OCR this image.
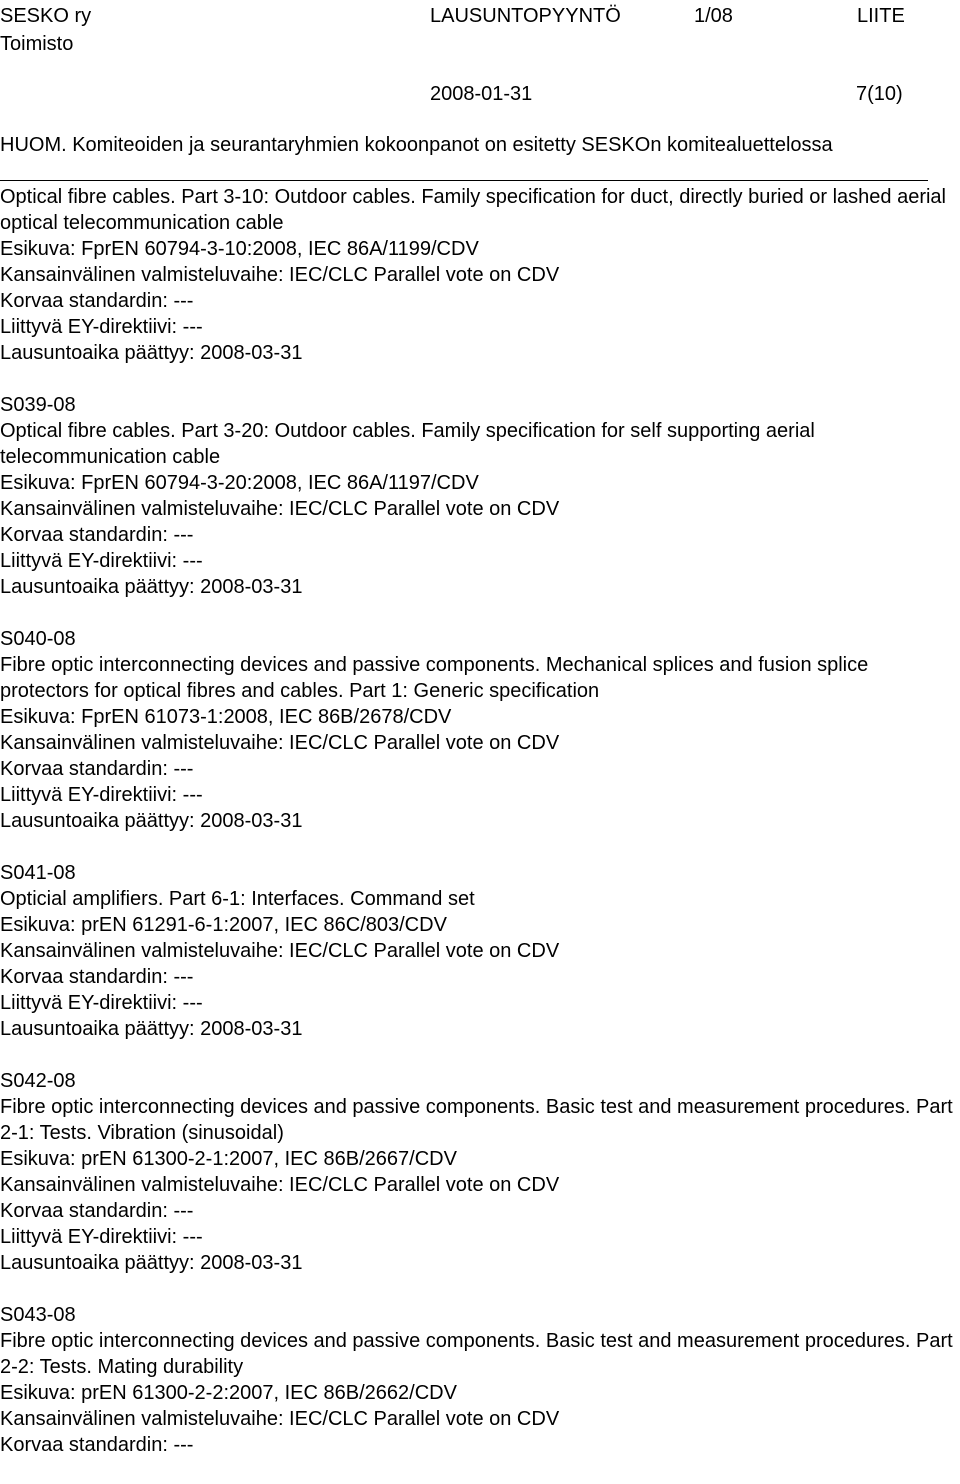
SESKO ry
Toimisto
LAUSUNTOPYYNTÖ	1/08	LIITE
2008-01-31	7(10)
HUOM. Komiteoiden ja seurantaryhmien kokoonpanot on esitetty SESKOn komitealuettelossa
Optical fibre cables. Part 3-10: Outdoor cables. Family specification for duct, directly buried or lashed aerial optical telecommunication cable
Esikuva: FprEN 60794-3-10:2008, IEC 86A/1199/CDV
Kansainvälinen valmisteluvaihe: IEC/CLC Parallel vote on CDV
Korvaa standardin: ---
Liittyvä EY-direktiivi: ---
Lausuntoaika päättyy: 2008-03-31
S039-08
Optical fibre cables. Part 3-20: Outdoor cables. Family specification for self supporting aerial telecommunication cable
Esikuva: FprEN 60794-3-20:2008, IEC 86A/1197/CDV
Kansainvälinen valmisteluvaihe: IEC/CLC Parallel vote on CDV
Korvaa standardin: ---
Liittyvä EY-direktiivi: ---
Lausuntoaika päättyy: 2008-03-31
S040-08
Fibre optic interconnecting devices and passive components. Mechanical splices and fusion splice protectors for optical fibres and cables. Part 1: Generic specification
Esikuva: FprEN 61073-1:2008, IEC 86B/2678/CDV
Kansainvälinen valmisteluvaihe: IEC/CLC Parallel vote on CDV
Korvaa standardin: ---
Liittyvä EY-direktiivi: ---
Lausuntoaika päättyy: 2008-03-31
S041-08
Opticial amplifiers. Part 6-1: Interfaces. Command set
Esikuva: prEN 61291-6-1:2007, IEC 86C/803/CDV
Kansainvälinen valmisteluvaihe: IEC/CLC Parallel vote on CDV
Korvaa standardin: ---
Liittyvä EY-direktiivi: ---
Lausuntoaika päättyy: 2008-03-31
S042-08
Fibre optic interconnecting devices and passive components. Basic test and measurement procedures. Part 2-1: Tests. Vibration (sinusoidal)
Esikuva: prEN 61300-2-1:2007, IEC 86B/2667/CDV
Kansainvälinen valmisteluvaihe: IEC/CLC Parallel vote on CDV
Korvaa standardin: ---
Liittyvä EY-direktiivi: ---
Lausuntoaika päättyy: 2008-03-31
S043-08
Fibre optic interconnecting devices and passive components. Basic test and measurement procedures. Part 2-2: Tests. Mating durability
Esikuva: prEN 61300-2-2:2007, IEC 86B/2662/CDV
Kansainvälinen valmisteluvaihe: IEC/CLC Parallel vote on CDV
Korvaa standardin: ---
